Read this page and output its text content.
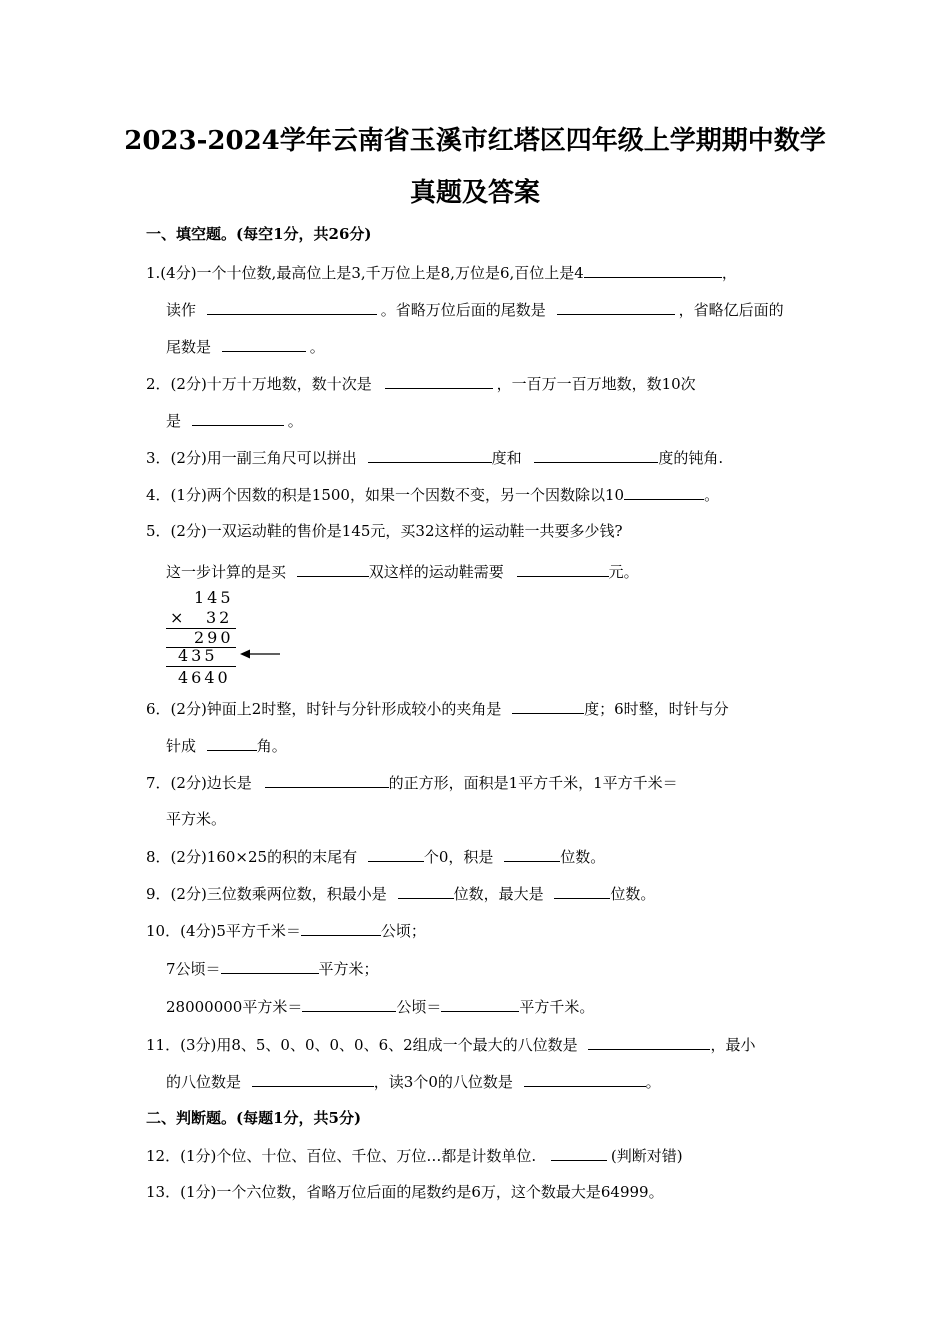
2023-2024学年云南省玉溪市红塔区四年级上学期期中数学
真题及答案
一、填空题。(每空1分，共26分)
1.(4分)一个十位数,最高位上是3,千万位上是8,万位是6,百位上是4	，
读作	。省略万位后面的尾数是	，省略亿后面的
尾数是	。
2．(2分)十万十万地数，数十次是	，一百万一百万地数，数10次
是	。
3．(2分)用一副三角尺可以拼出	度和	度的钝角.
4．(1分)两个因数的积是1500，如果一个因数不变，另一个因数除以10	。
5．(2分)一双运动鞋的售价是145元，买32这样的运动鞋一共要多少钱?
这一步计算的是买	双这样的运动鞋需要	元。
145
× 32
290
435
4640
6．(2分)钟面上2时整，时针与分针形成较小的夹角是	度；6时整，时针与分
针成	角。
7．(2分)边长是	的正方形，面积是1平方千米，1平方千米＝
平方米。
8．(2分)160×25的积的末尾有	个0，积是	位数。
9．(2分)三位数乘两位数，积最小是	位数，最大是	位数。
10．(4分)5平方千米＝	公顷；
7公顷＝	平方米；
28000000平方米＝	公顷＝	平方千米。
11．(3分)用8、5、0、0、0、0、6、2组成一个最大的八位数是	，最小
的八位数是	，读3个0的八位数是	。
二、判断题。(每题1分，共5分)
12．(1分)个位、十位、百位、千位、万位…都是计数单位.	(判断对错)
13．(1分)一个六位数，省略万位后面的尾数约是6万，这个数最大是64999。
